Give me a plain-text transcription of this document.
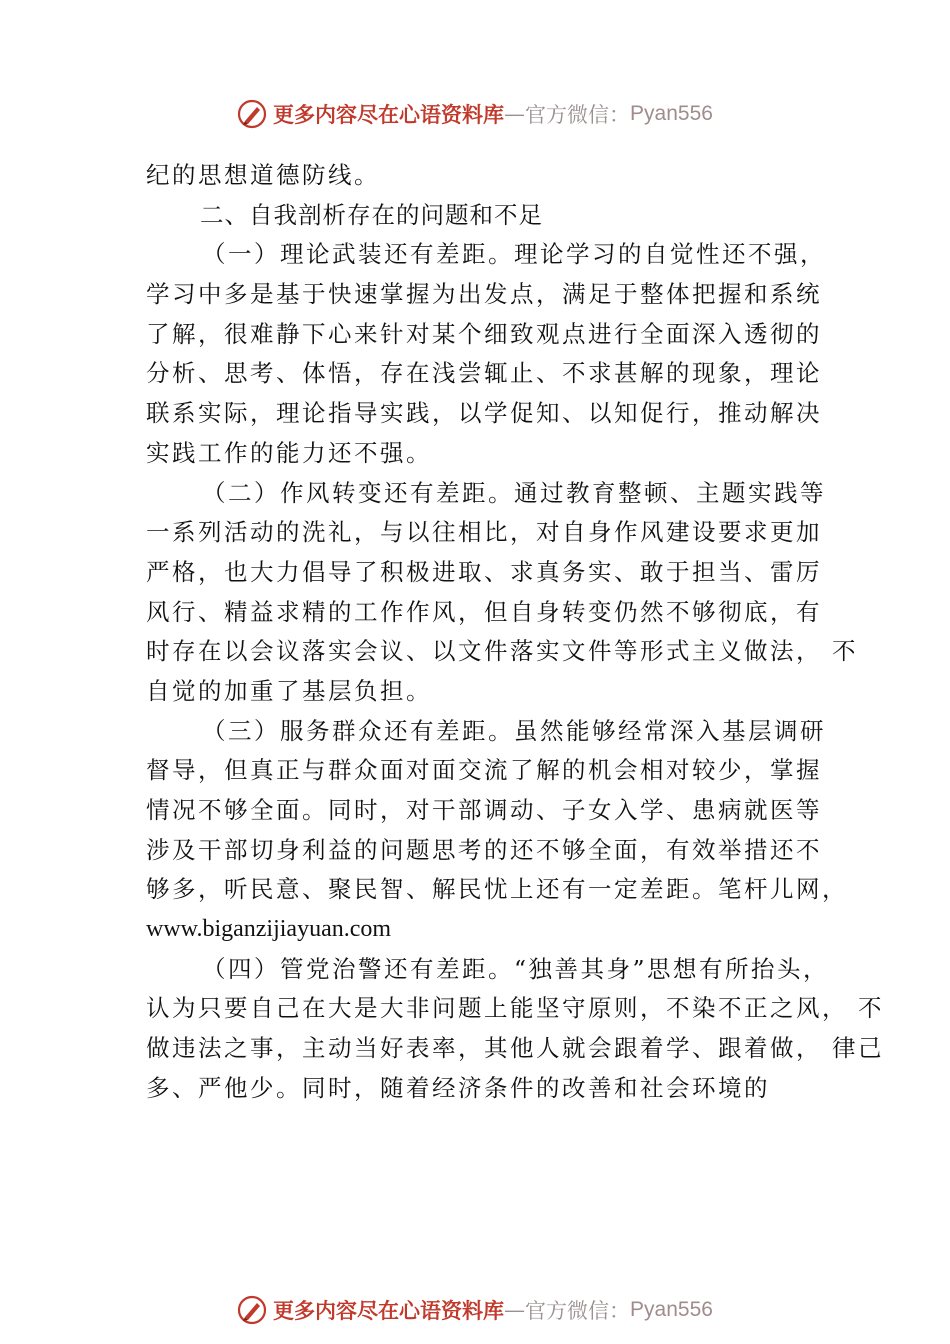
更多内容尽在心语资料库 — 官方微信： Pyan556
纪的思想道德防线。
二、自我剖析存在的问题和不足
（一）理论武装还有差距。理论学习的自觉性还不强，
学习中多是基于快速掌握为出发点，满足于整体把握和系统
了解，很难静下心来针对某个细致观点进行全面深入透彻的
分析、思考、体悟，存在浅尝辄止、不求甚解的现象，理论
联系实际，理论指导实践，以学促知、以知促行，推动解决
实践工作的能力还不强。
（二）作风转变还有差距。通过教育整顿、主题实践等
一系列活动的洗礼，与以往相比，对自身作风建设要求更加
严格，也大力倡导了积极进取、求真务实、敢于担当、雷厉
风行、精益求精的工作作风，但自身转变仍然不够彻底，有
时存在以会议落实会议、以文件落实文件等形式主义做法， 不
自觉的加重了基层负担。
（三）服务群众还有差距。虽然能够经常深入基层调研
督导，但真正与群众面对面交流了解的机会相对较少，掌握
情况不够全面。同时，对干部调动、子女入学、患病就医等
涉及干部切身利益的问题思考的还不够全面，有效举措还不
够多，听民意、聚民智、解民忧上还有一定差距。笔杆儿网，
www.biganzijiayuan.com
（四）管党治警还有差距。“独善其身”思想有所抬头，
认为只要自己在大是大非问题上能坚守原则，不染不正之风， 不
做违法之事，主动当好表率，其他人就会跟着学、跟着做， 律己
多、严他少。同时，随着经济条件的改善和社会环境的
更多内容尽在心语资料库 — 官方微信： Pyan556
